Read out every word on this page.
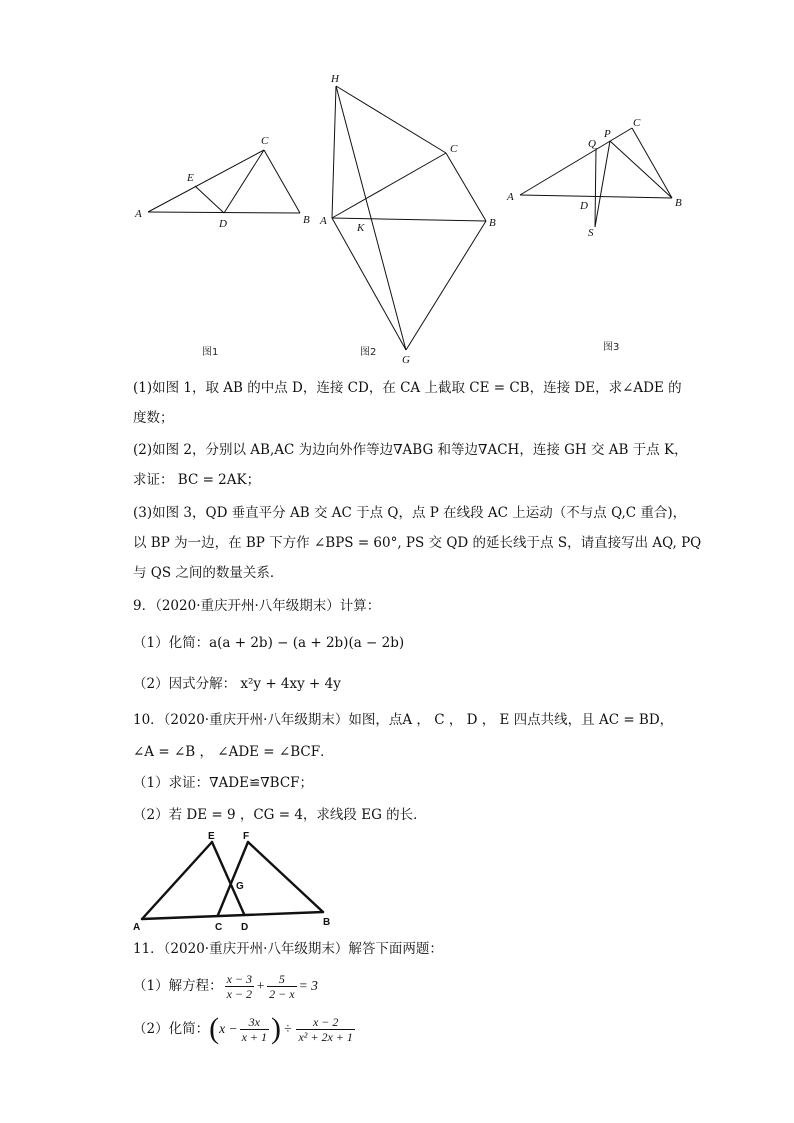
A	B
C
D
E
图1
H
C
A
K	B
G
图2
Q
P
C
A
D	B
S
图3
(1)如图 1，取 AB 的中点 D，连接 CD，在 CA 上截取 CE = CB，连接 DE，求∠ADE 的
度数；
(2)如图 2，分别以 AB,AC 为边向外作等边∇ABG 和等边∇ACH，连接 GH 交 AB 于点 K，
求证： BC = 2AK；
(3)如图 3，QD 垂直平分 AB 交 AC 于点 Q，点 P 在线段 AC 上运动（不与点 Q,C 重合)，
以 BP 为一边，在 BP 下方作 ∠BPS = 60°, PS 交 QD 的延长线于点 S，请直接写出 AQ, PQ
与 QS 之间的数量关系．
9．（2020·重庆开州·八年级期末）计算：
（1）化简：a(a + 2b) − (a + 2b)(a − 2b)
（2）因式分解： x²y + 4xy + 4y
10．（2020·重庆开州·八年级期末）如图，点A ， C ， D ， E 四点共线，且 AC = BD，
∠A = ∠B ， ∠ADE = ∠BCF．
（1）求证：∇ADE≌∇BCF；
（2）若 DE = 9 ，CG = 4，求线段 EG 的长．
E	F
G
A	C D	B
11．（2020·重庆开州·八年级期末）解答下面两题：
（1）解方程： $\frac{x - 3}{x - 2} + \frac{5}{2 - x} = 3$
（2）化简： ( $x - \frac{3x}{x + 1}$ ) ÷ $\frac{x - 2}{\text{x² + 2x + 1}}$
